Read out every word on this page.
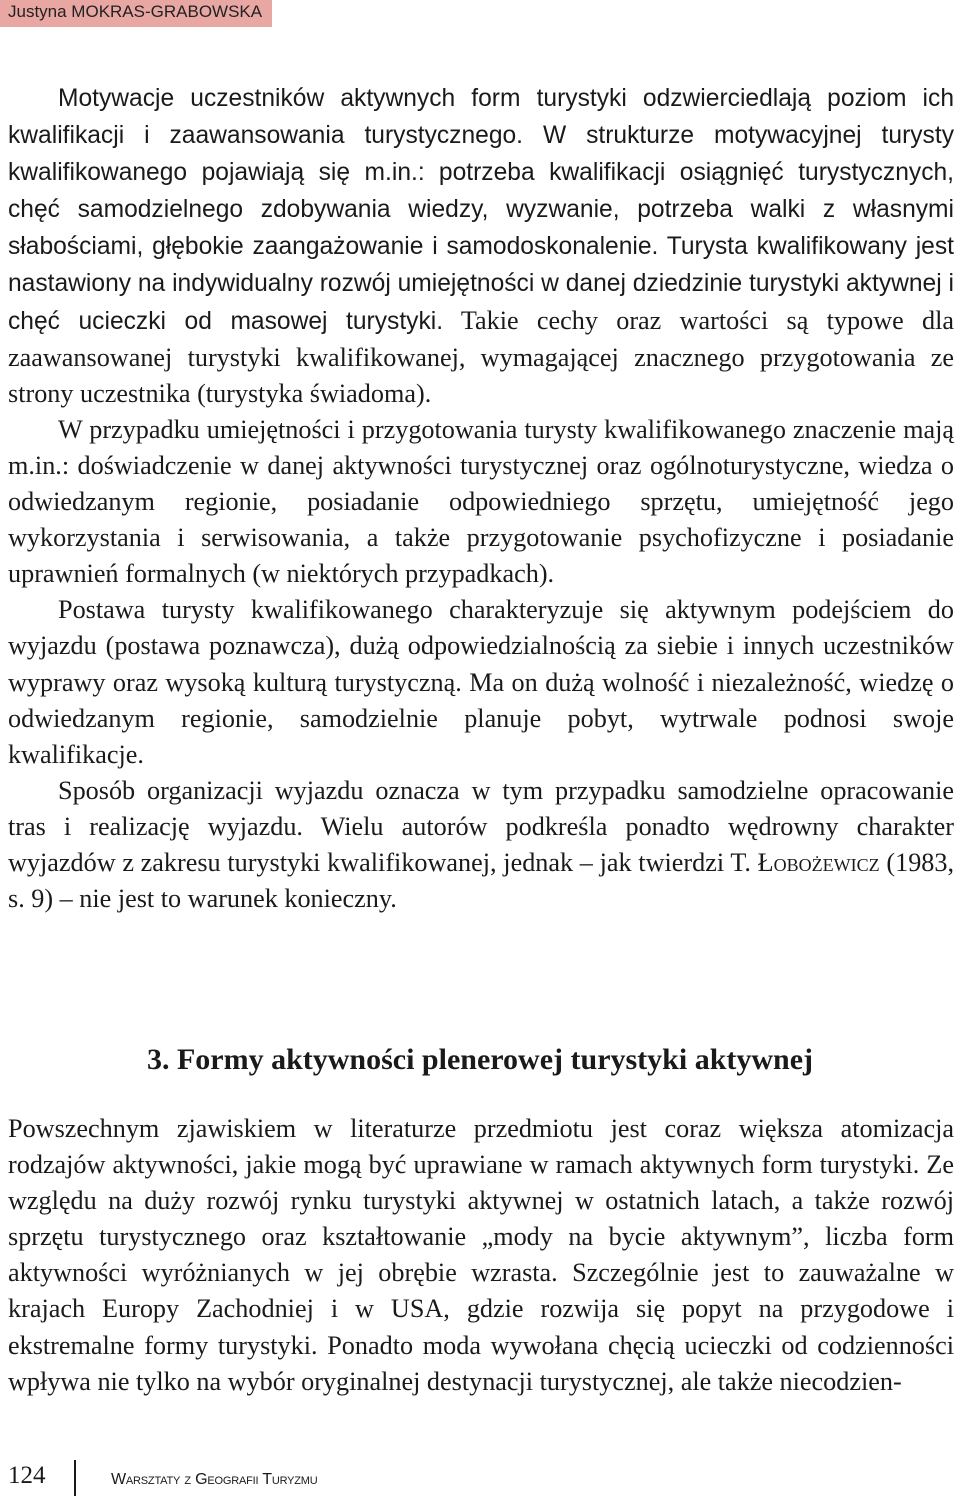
Justyna MOKRAS-GRABOWSKA

Motywacje uczestników aktywnych form turystyki odzwierciedlają poziom ich kwalifikacji i zaawansowania turystycznego. W strukturze motywacyjnej turysty kwalifikowanego pojawiają się m.in.: potrzeba kwalifikacji osiągnięć turystycznych, chęć samodzielnego zdobywania wiedzy, wyzwanie, potrzeba walki z własnymi słabościami, głębokie zaangażowanie i samodoskonalenie. Turysta kwalifikowany jest nastawiony na indywidualny rozwój umiejętności w danej dziedzinie turystyki aktywnej i chęć ucieczki od masowej turystyki. Takie cechy oraz wartości są typowe dla zaawansowanej turystyki kwalifikowanej, wymagającej znacznego przygotowania ze strony uczestnika (turystyka świadoma).

W przypadku umiejętności i przygotowania turysty kwalifikowanego znaczenie mają m.in.: doświadczenie w danej aktywności turystycznej oraz ogólnoturystyczne, wiedza o odwiedzanym regionie, posiadanie odpowiedniego sprzętu, umiejętność jego wykorzystania i serwisowania, a także przygotowanie psychofizyczne i posiadanie uprawnień formalnych (w niektórych przypadkach).

Postawa turysty kwalifikowanego charakteryzuje się aktywnym podejściem do wyjazdu (postawa poznawcza), dużą odpowiedzialnością za siebie i innych uczestników wyprawy oraz wysoką kulturą turystyczną. Ma on dużą wolność i niezależność, wiedzę o odwiedzanym regionie, samodzielnie planuje pobyt, wytrwale podnosi swoje kwalifikacje.

Sposób organizacji wyjazdu oznacza w tym przypadku samodzielne opracowanie tras i realizację wyjazdu. Wielu autorów podkreśla ponadto wędrowny charakter wyjazdów z zakresu turystyki kwalifikowanej, jednak – jak twierdzi T. Łobożewicz (1983, s. 9) – nie jest to warunek konieczny.

3. Formy aktywności plenerowej turystyki aktywnej

Powszechnym zjawiskiem w literaturze przedmiotu jest coraz większa atomizacja rodzajów aktywności, jakie mogą być uprawiane w ramach aktywnych form turystyki. Ze względu na duży rozwój rynku turystyki aktywnej w ostatnich latach, a także rozwój sprzętu turystycznego oraz kształtowanie „mody na bycie aktywnym”, liczba form aktywności wyróżnianych w jej obrębie wzrasta. Szczególnie jest to zauważalne w krajach Europy Zachodniej i w USA, gdzie rozwija się popyt na przygodowe i ekstremalne formy turystyki. Ponadto moda wywołana chęcią ucieczki od codzienności wpływa nie tylko na wybór oryginalnej destynacji turystycznej, ale także niecodzien-

124	Warsztaty z Geografii Turyzmu
